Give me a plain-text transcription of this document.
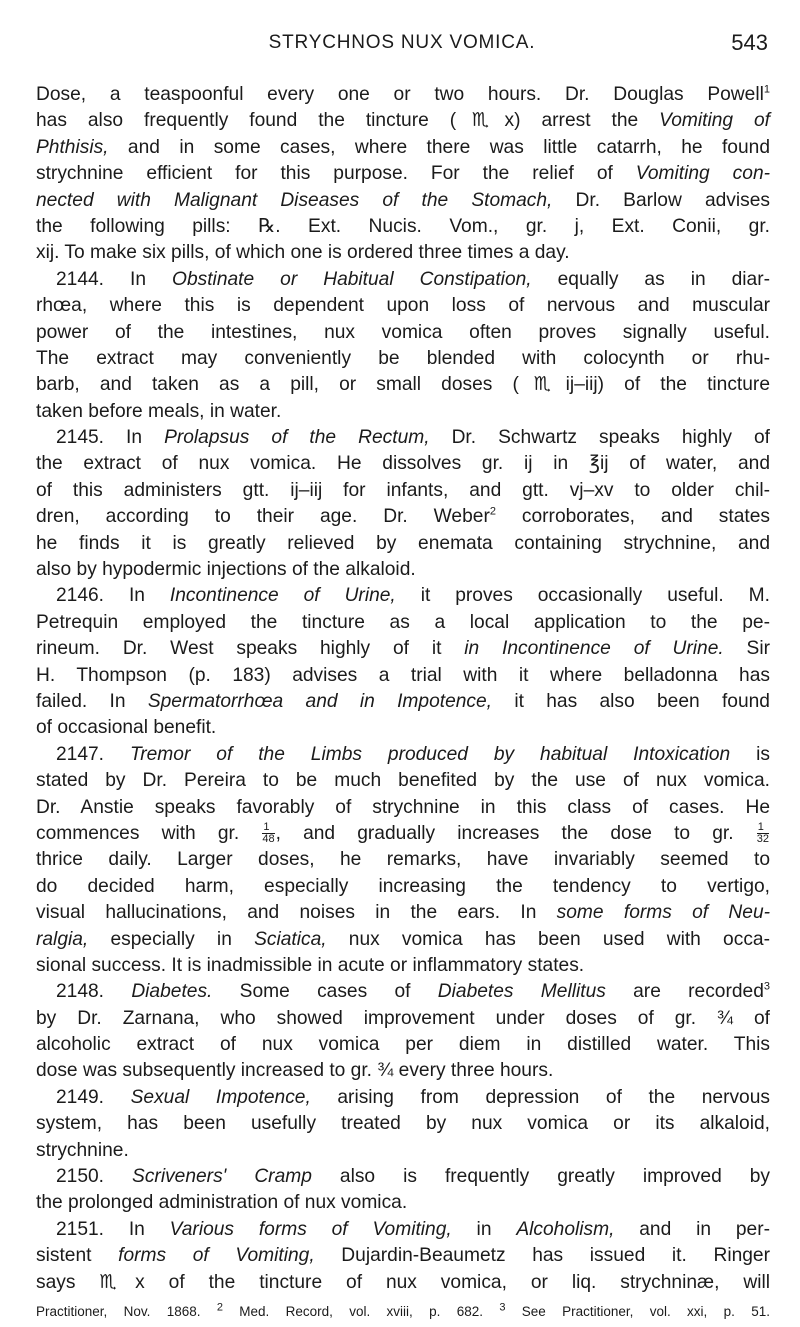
STRYCHNOS NUX VOMICA.	543
Dose, a teaspoonful every one or two hours. Dr. Douglas Powell$^1$
has also frequently found the tincture (♏x) arrest the Vomiting of
Phthisis, and in some cases, where there was little catarrh, he found
strychnine efficient for this purpose. For the relief of Vomiting con-
nected with Malignant Diseases of the Stomach, Dr. Barlow advises
the following pills: ℞. Ext. Nucis. Vom., gr. j, Ext. Conii, gr.
xij. To make six pills, of which one is ordered three times a day.
2144. In Obstinate or Habitual Constipation, equally as in diar-
rhœa, where this is dependent upon loss of nervous and muscular
power of the intestines, nux vomica often proves signally useful.
The extract may conveniently be blended with colocynth or rhu-
barb, and taken as a pill, or small doses (♏ij–iij) of the tincture
taken before meals, in water.
2145. In Prolapsus of the Rectum, Dr. Schwartz speaks highly of
the extract of nux vomica. He dissolves gr. ij in ℥ij of water, and
of this administers gtt. ij–iij for infants, and gtt. vj–xv to older chil-
dren, according to their age. Dr. Weber$^2$ corroborates, and states
he finds it is greatly relieved by enemata containing strychnine, and
also by hypodermic injections of the alkaloid.
2146. In Incontinence of Urine, it proves occasionally useful. M.
Petrequin employed the tincture as a local application to the pe-
rineum. Dr. West speaks highly of it in Incontinence of Urine. Sir
H. Thompson (p. 183) advises a trial with it where belladonna has
failed. In Spermatorrhœa and in Impotence, it has also been found
of occasional benefit.
2147. Tremor of the Limbs produced by habitual Intoxication is
stated by Dr. Pereira to be much benefited by the use of nux vomica.
Dr. Anstie speaks favorably of strychnine in this class of cases. He
commences with gr. $\frac{1}{48}$ , and gradually increases the dose to gr. $\frac{1}{32}$
thrice daily. Larger doses, he remarks, have invariably seemed to
do decided harm, especially increasing the tendency to vertigo,
visual hallucinations, and noises in the ears. In some forms of Neu-
ralgia, especially in Sciatica, nux vomica has been used with occa-
sional success. It is inadmissible in acute or inflammatory states.
2148. Diabetes. Some cases of Diabetes Mellitus are recorded$^3$
by Dr. Zarnana, who showed improvement under doses of gr. ¾ of
alcoholic extract of nux vomica per diem in distilled water. This
dose was subsequently increased to gr. ¾ every three hours.
2149. Sexual Impotence, arising from depression of the nervous
system, has been usefully treated by nux vomica or its alkaloid,
strychnine.
2150. Scriveners' Cramp also is frequently greatly improved by
the prolonged administration of nux vomica.
2151. In Various forms of Vomiting, in Alcoholism, and in per-
sistent forms of Vomiting, Dujardin-Beaumetz has issued it. Ringer
says ♏x of the tincture of nux vomica, or liq. strychninæ, will
Practitioner, Nov. 1868. $^2$ Med. Record, vol. xviii, p. 682. $^3$ See Practitioner, vol. xxi, p. 51.
